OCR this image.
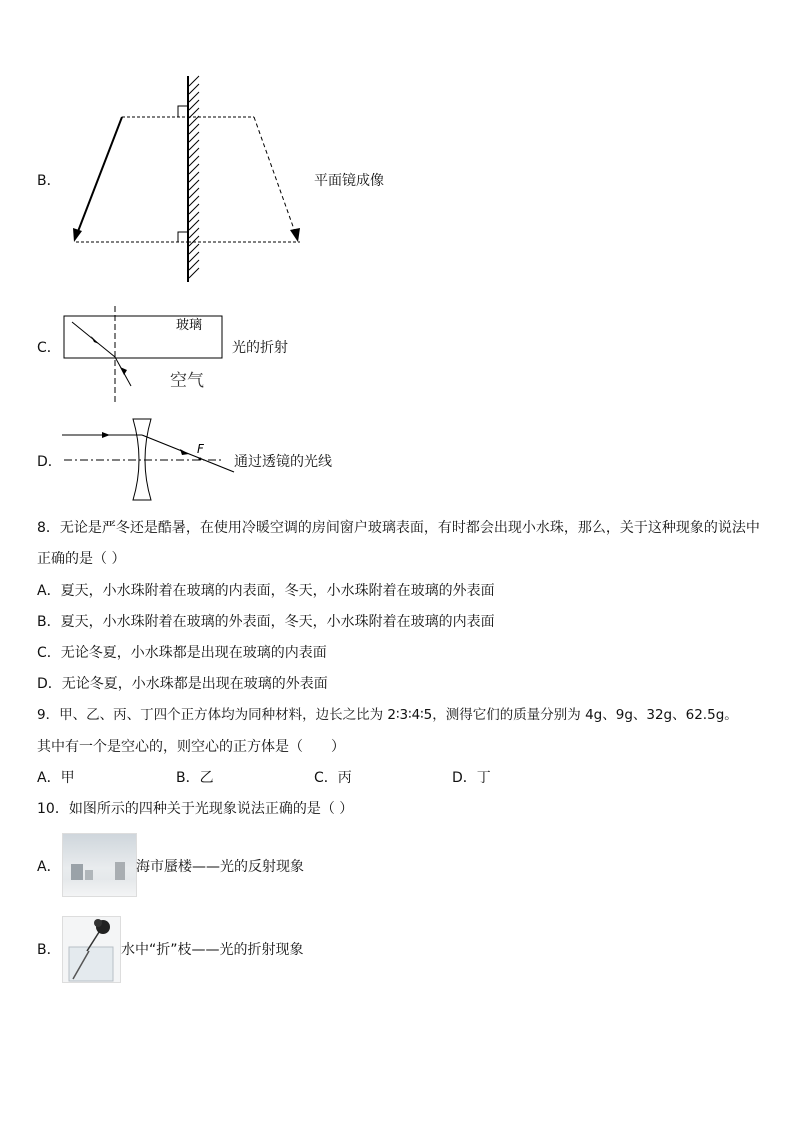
B．	平面镜成像
C．
玻璃
空气
光的折射
D．
F
通过透镜的光线
8．无论是严冬还是酷暑，在使用冷暖空调的房间窗户玻璃表面，有时都会出现小水珠，那么，关于这种现象的说法中
正确的是（ ）
A．夏天，小水珠附着在玻璃的内表面，冬天，小水珠附着在玻璃的外表面
B．夏天，小水珠附着在玻璃的外表面，冬天，小水珠附着在玻璃的内表面
C．无论冬夏，小水珠都是出现在玻璃的内表面
D．无论冬夏，小水珠都是出现在玻璃的外表面
9．甲、乙、丙、丁四个正方体均为同种材料，边长之比为 2∶3∶4∶5，测得它们的质量分别为 4g、9g、32g、62.5g。
其中有一个是空心的，则空心的正方体是（　　）
A．甲	B．乙	C．丙	D．丁
10．如图所示的四种关于光现象说法正确的是（ ）
A．	海市蜃楼——光的反射现象
B．	水中“折”枝——光的折射现象
